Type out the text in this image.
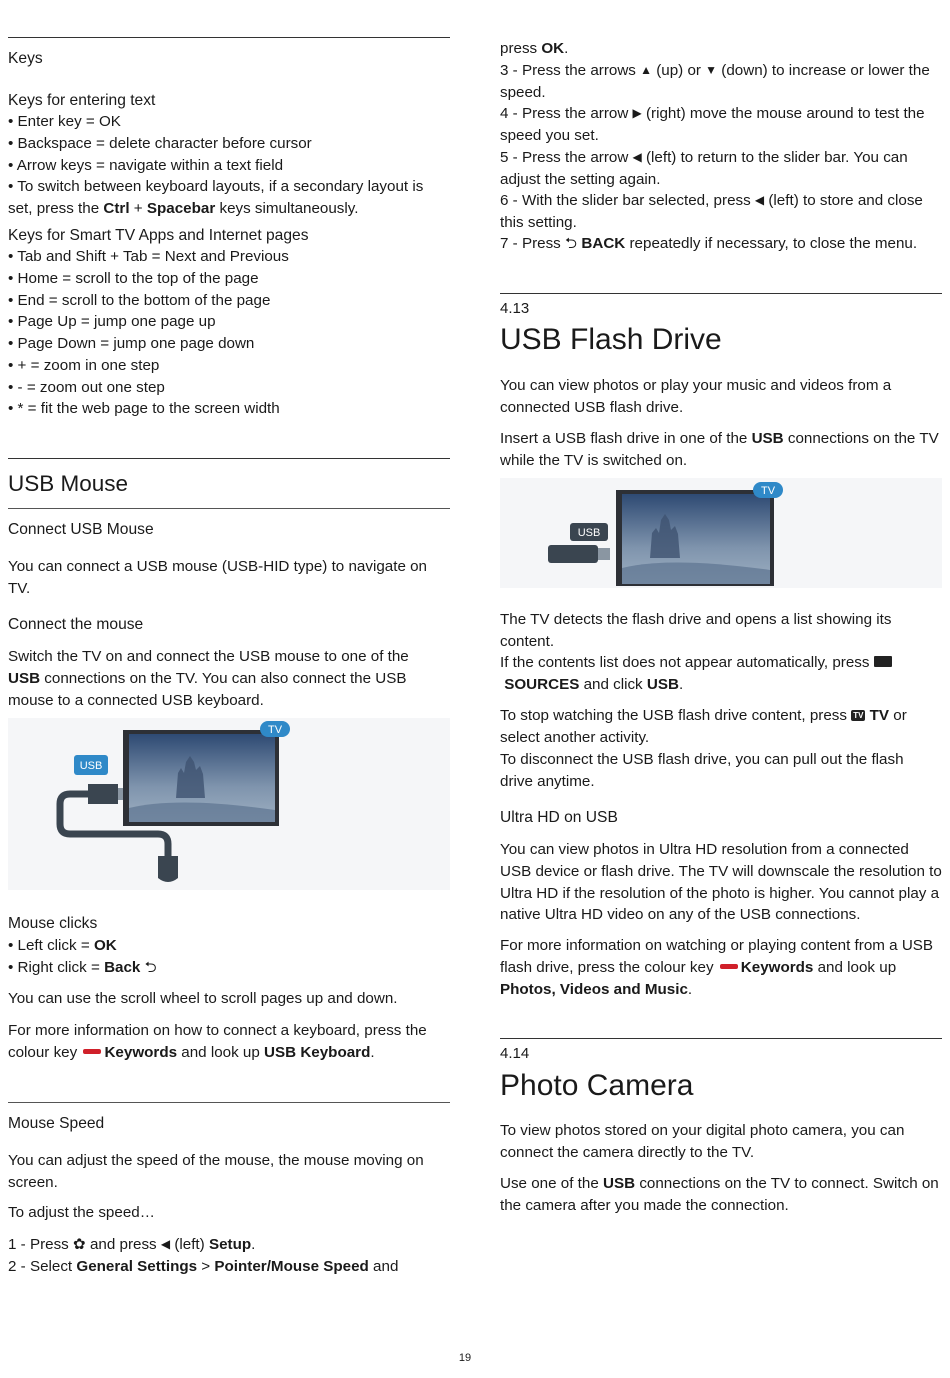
Keys

Keys for entering text

• Enter key = OK

• Backspace = delete character before cursor

• Arrow keys = navigate within a text field

• To switch between keyboard layouts, if a secondary layout is

set, press the Ctrl + Spacebar keys simultaneously.

Keys for Smart TV Apps and Internet pages

• Tab and Shift + Tab = Next and Previous

• Home = scroll to the top of the page

• End = scroll to the bottom of the page

• Page Up = jump one page up

• Page Down = jump one page down

• + = zoom in one step

• - = zoom out one step

• * = fit the web page to the screen width

USB Mouse

Connect USB Mouse

You can connect a USB mouse (USB-HID type) to navigate on TV.

Connect the mouse

Switch the TV on and connect the USB mouse to one of the
USB connections on the TV. You can also connect the USB mouse to a connected USB keyboard.

TV
USB

Mouse clicks

• Left click = OK

• Right click = Back ⮌

You can use the scroll wheel to scroll pages up and down.

For more information on how to connect a keyboard, press the
colour key Keywords and look up USB Keyboard.

Mouse Speed

You can adjust the speed of the mouse, the mouse moving on screen.

To adjust the speed…

1 - Press ✿ and press ◀ (left) Setup.

2 - Select General Settings > Pointer/Mouse Speed and

press OK.

3 - Press the arrows ▲ (up) or ▼ (down) to increase or lower the speed.

4 - Press the arrow ▶ (right) move the mouse around to test the speed you set.

5 - Press the arrow ◀ (left) to return to the slider bar. You can adjust the setting again.

6 - With the slider bar selected, press ◀ (left) to store and close this setting.

7 - Press ⮌ BACK repeatedly if necessary, to close the menu.

4.13

USB Flash Drive

You can view photos or play your music and videos from a connected USB flash drive.

Insert a USB flash drive in one of the USB connections on the TV while the TV is switched on.

TV
USB

The TV detects the flash drive and opens a list showing its content.

If the contents list does not appear automatically, press
SOURCES and click USB.

To stop watching the USB flash drive content, press TV TV or select another activity.

To disconnect the USB flash drive, you can pull out the flash drive anytime.

Ultra HD on USB

You can view photos in Ultra HD resolution from a connected USB device or flash drive. The TV will downscale the resolution to Ultra HD if the resolution of the photo is higher. You cannot play a native Ultra HD video on any of the USB connections.

For more information on watching or playing content from a USB flash drive, press the colour key Keywords and look up Photos, Videos and Music.

4.14

Photo Camera

To view photos stored on your digital photo camera, you can connect the camera directly to the TV.

Use one of the USB connections on the TV to connect. Switch on the camera after you made the connection.

19
